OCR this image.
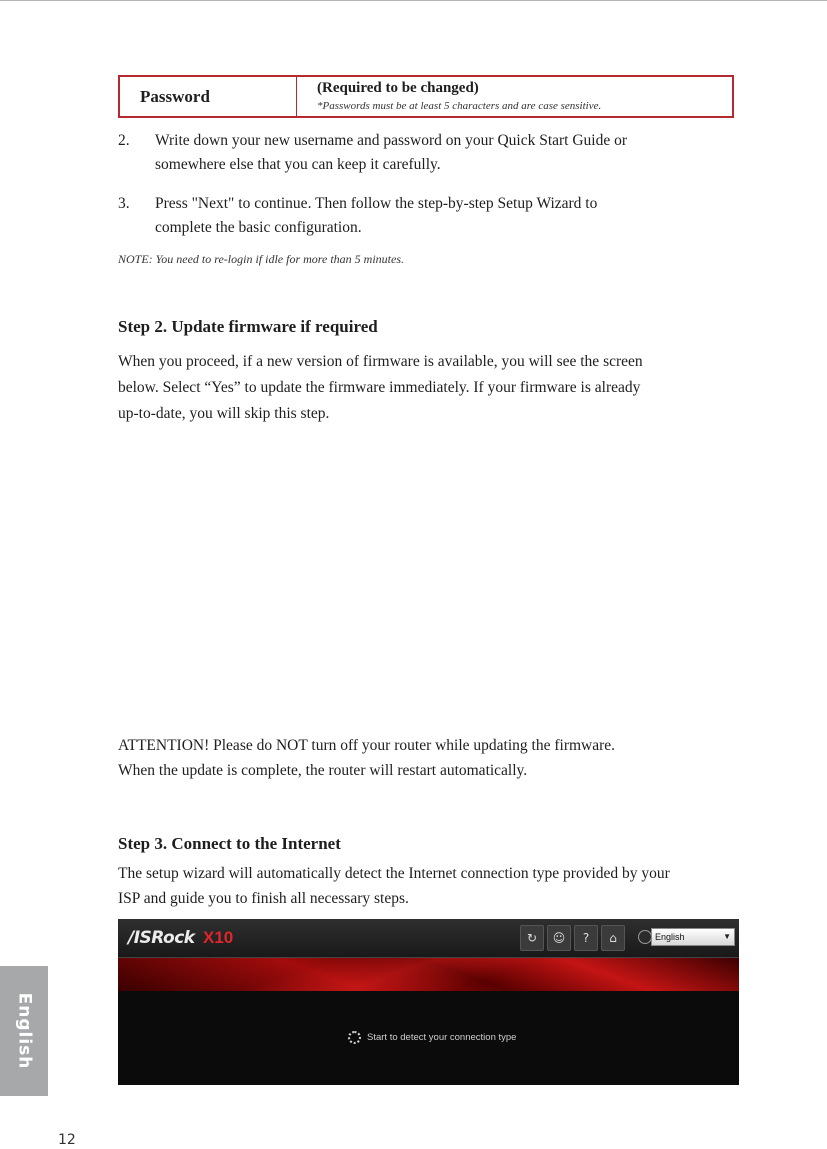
Password	(Required to be changed)
*Passwords must be at least 5 characters and are case sensitive.
2. Write down your new username and password on your Quick Start Guide or

somewhere else that you can keep it carefully.

3. Press "Next" to continue. Then follow the step-by-step Setup Wizard to

complete the basic configuration.

NOTE: You need to re-login if idle for more than 5 minutes.
Step 2. Update firmware if required

When you proceed, if a new version of firmware is available, you will see the screen

below. Select “Yes” to update the firmware immediately. If your firmware is already

up-to-date, you will skip this step.

ATTENTION! Please do NOT turn off your router while updating the firmware.

When the update is complete, the router will restart automatically.

Step 3. Connect to the Internet

The setup wizard will automatically detect the Internet connection type provided by your

ISP and guide you to finish all necessary steps.

/ISRock X10	↻	☺	?	⌂	English	▼
Start to detect your connection type
English
12
